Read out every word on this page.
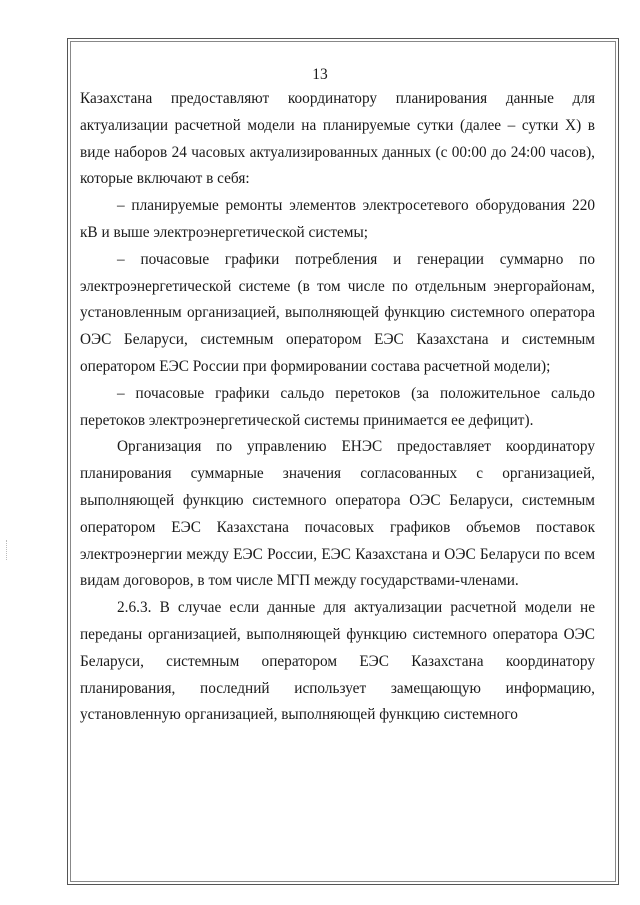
13

Казахстана предоставляют координатору планирования данные для актуализации расчетной модели на планируемые сутки (далее – сутки X) в виде наборов 24 часовых актуализированных данных (с 00:00 до 24:00 часов), которые включают в себя:

– планируемые ремонты элементов электросетевого оборудования 220 кВ и выше электроэнергетической системы;

– почасовые графики потребления и генерации суммарно по электроэнергетической системе (в том числе по отдельным энергорайонам, установленным организацией, выполняющей функцию системного оператора ОЭС Беларуси, системным оператором ЕЭС Казахстана и системным оператором ЕЭС России при формировании состава расчетной модели);

– почасовые графики сальдо перетоков (за положительное сальдо перетоков электроэнергетической системы принимается ее дефицит).

Организация по управлению ЕНЭС предоставляет координатору планирования суммарные значения согласованных с организацией, выполняющей функцию системного оператора ОЭС Беларуси, системным оператором ЕЭС Казахстана почасовых графиков объемов поставок электроэнергии между ЕЭС России, ЕЭС Казахстана и ОЭС Беларуси по всем видам договоров, в том числе МГП между государствами-членами.

2.6.3. В случае если данные для актуализации расчетной модели не переданы организацией, выполняющей функцию системного оператора ОЭС Беларуси, системным оператором ЕЭС Казахстана координатору планирования, последний использует замещающую информацию, установленную организацией, выполняющей функцию системного
